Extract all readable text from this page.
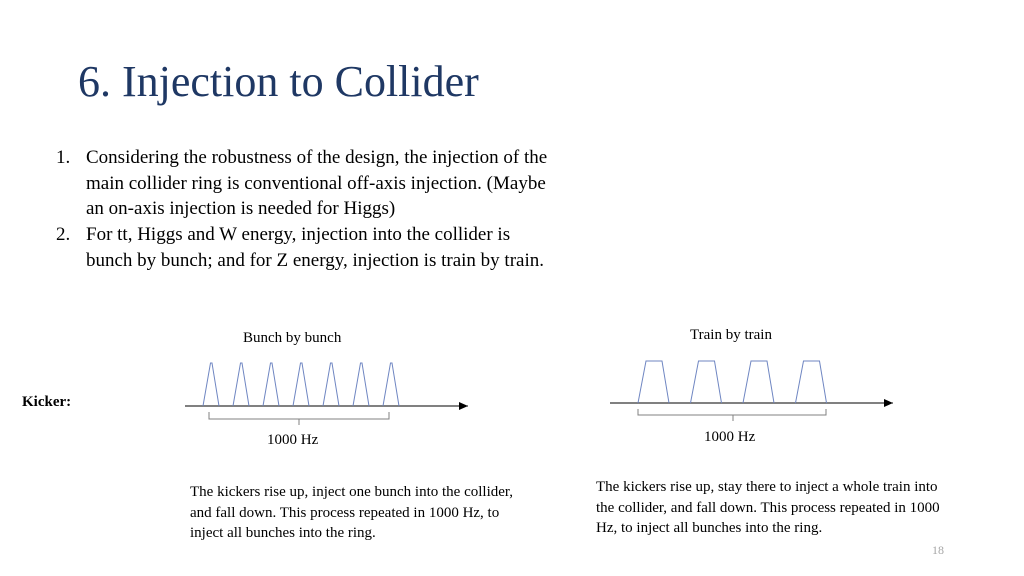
6. Injection to Collider
1. Considering the robustness of the design, the injection of the main collider ring is conventional off-axis injection. (Maybe an on-axis injection is needed for Higgs)
2. For tt, Higgs and W energy, injection into the collider is bunch by bunch; and for Z energy, injection is train by train.
Bunch by bunch	Train by train
Kicker:
1000 Hz	1000 Hz
The kickers rise up, inject one bunch into the collider, and fall down. This process repeated in 1000 Hz, to inject all bunches into the ring.
The kickers rise up, stay there to inject a whole train into the collider, and fall down. This process repeated in 1000 Hz, to inject all bunches into the ring.
18
